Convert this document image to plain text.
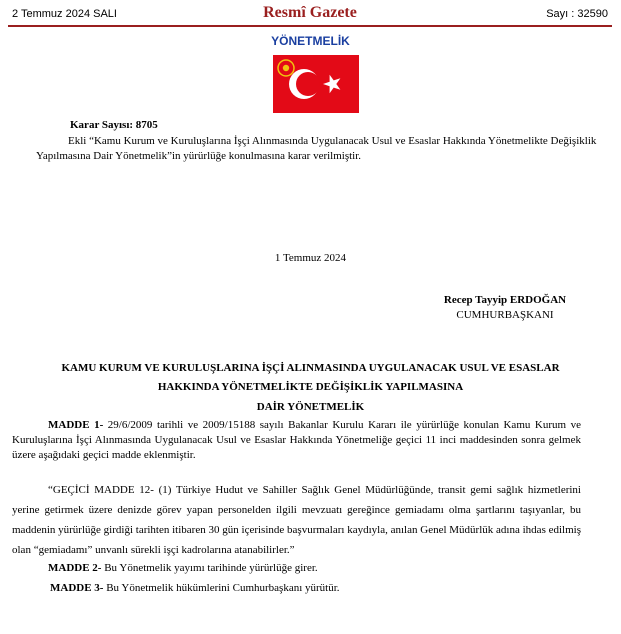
2 Temmuz 2024 SALI	Resmî Gazete	Sayı : 32590
YÖNETMELİK
Karar Sayısı: 8705
Ekli “Kamu Kurum ve Kuruluşlarına İşçi Alınmasında Uygulanacak Usul ve Esaslar Hakkında Yönetmelikte Değişiklik Yapılmasına Dair Yönetmelik”in yürürlüğe konulmasına karar verilmiştir.
1 Temmuz 2024
Recep Tayyip ERDOĞAN
CUMHURBAŞKANI
KAMU KURUM VE KURULUŞLARINA İŞÇİ ALINMASINDA UYGULANACAK USUL VE ESASLAR
HAKKINDA YÖNETMELİKTE DEĞİŞİKLİK YAPILMASINA
DAİR YÖNETMELİK
MADDE 1- 29/6/2009 tarihli ve 2009/15188 sayılı Bakanlar Kurulu Kararı ile yürürlüğe konulan Kamu Kurum ve Kuruluşlarına İşçi Alınmasında Uygulanacak Usul ve Esaslar Hakkında Yönetmeliğe geçici 11 inci maddesinden sonra gelmek üzere aşağıdaki geçici madde eklenmiştir.
“GEÇİCİ MADDE 12- (1) Türkiye Hudut ve Sahiller Sağlık Genel Müdürlüğünde, transit gemi sağlık hizmetlerini yerine getirmek üzere denizde görev yapan personelden ilgili mevzuatı gereğince gemiadamı olma şartlarını taşıyanlar, bu maddenin yürürlüğe girdiği tarihten itibaren 30 gün içerisinde başvurmaları kaydıyla, anılan Genel Müdürlük adına ihdas edilmiş olan “gemiadamı” unvanlı sürekli işçi kadrolarına atanabilirler.”
MADDE 2- Bu Yönetmelik yayımı tarihinde yürürlüğe girer.
MADDE 3- Bu Yönetmelik hükümlerini Cumhurbaşkanı yürütür.
